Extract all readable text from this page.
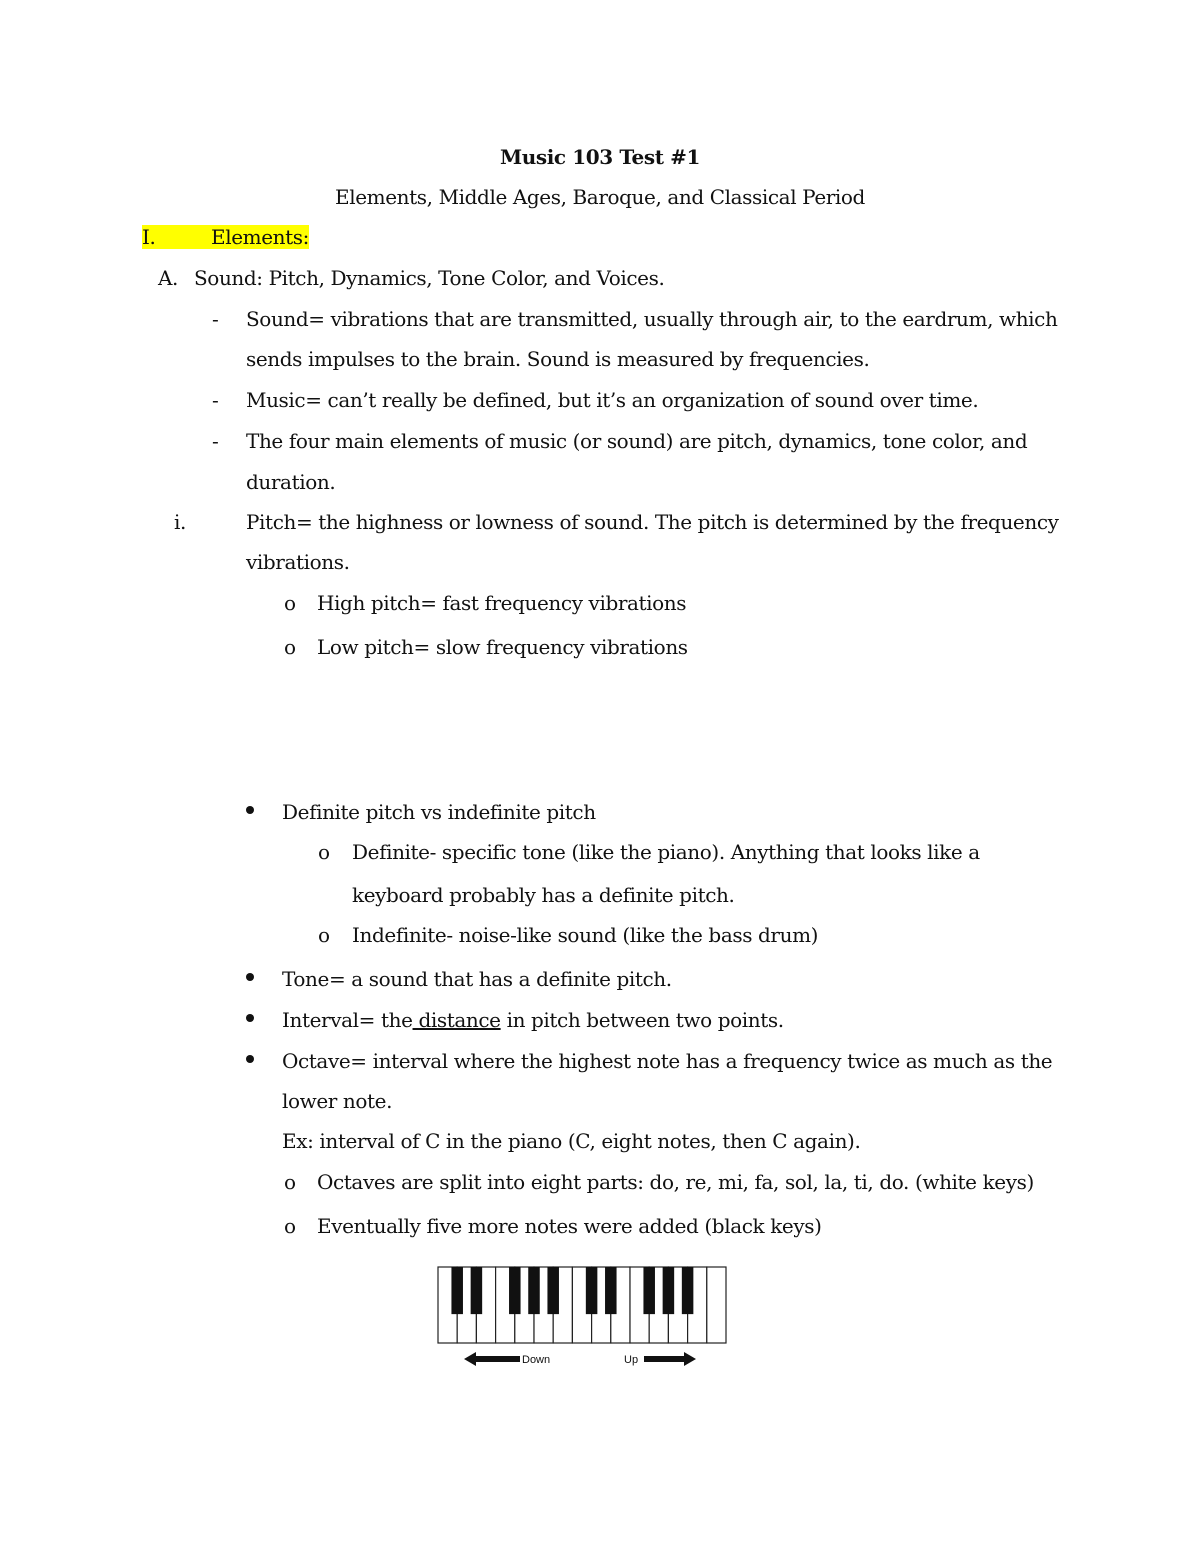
Music 103 Test #1
Elements, Middle Ages, Baroque, and Classical Period
I.	Elements:
A. Sound: Pitch, Dynamics, Tone Color, and Voices.
- Sound= vibrations that are transmitted, usually through air, to the eardrum, which
sends impulses to the brain. Sound is measured by frequencies.
- Music= can’t really be defined, but it’s an organization of sound over time.
- The four main elements of music (or sound) are pitch, dynamics, tone color, and
duration.
i.	Pitch= the highness or lowness of sound. The pitch is determined by the frequency
vibrations.
o High pitch= fast frequency vibrations
o Low pitch= slow frequency vibrations
Definite pitch vs indefinite pitch
o Definite- specific tone (like the piano). Anything that looks like a
keyboard probably has a definite pitch.
o Indefinite- noise-like sound (like the bass drum)
Tone= a sound that has a definite pitch.
Interval= the distance in pitch between two points.
Octave= interval where the highest note has a frequency twice as much as the
lower note.
Ex: interval of C in the piano (C, eight notes, then C again).
o Octaves are split into eight parts: do, re, mi, fa, sol, la, ti, do. (white keys)
o Eventually five more notes were added (black keys)
Down	Up
